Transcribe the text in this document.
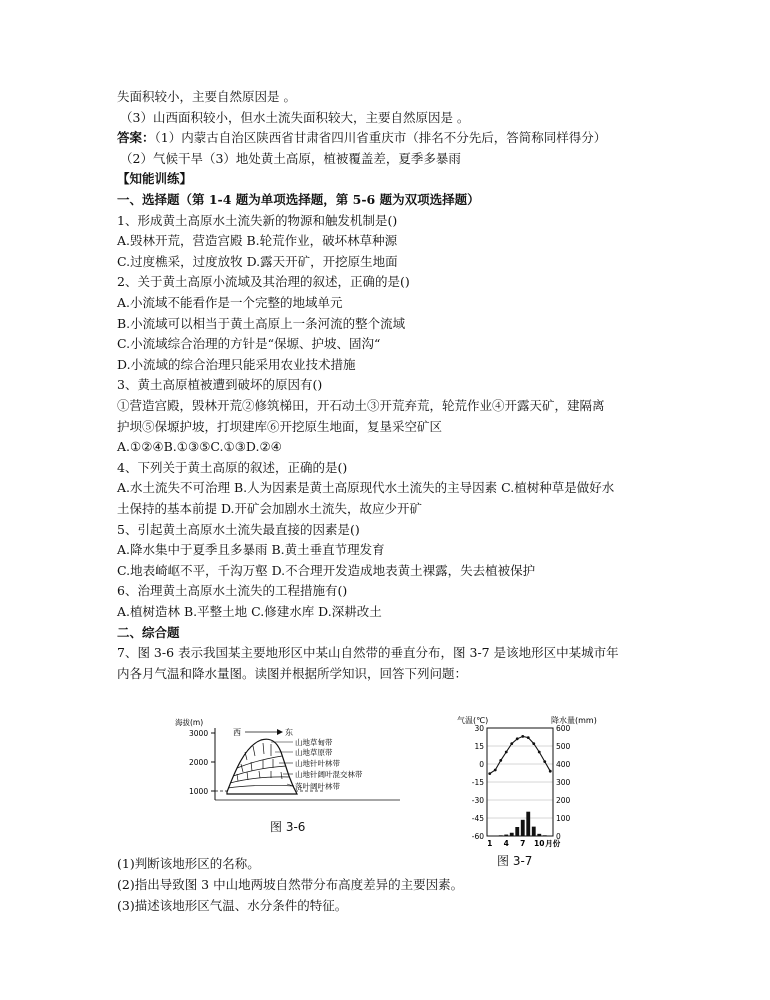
失面积较小，主要自然原因是 。
（3）山西面积较小，但水土流失面积较大，主要自然原因是 。
（2）气候干旱（3）地处黄土高原，植被覆盖差，夏季多暴雨
【知能训练】
一、选择题（第 1-4 题为单项选择题，第 5-6 题为双项选择题）
1、形成黄土高原水土流失新的物源和触发机制是()
A.毁林开荒，营造宫殿 B.轮荒作业，破坏林草种源
C.过度樵采，过度放牧 D.露天开矿，开挖原生地面
2、关于黄土高原小流域及其治理的叙述，正确的是()
A.小流域不能看作是一个完整的地域单元
B.小流域可以相当于黄土高原上一条河流的整个流域
C.小流域综合治理的方针是“保塬、护坡、固沟“
D.小流域的综合治理只能采用农业技术措施
3、黄土高原植被遭到破坏的原因有()
①营造宫殿，毁林开荒②修筑梯田，开石动土③开荒弃荒，轮荒作业④开露天矿，建隔离
护坝⑤保塬护坡，打坝建库⑥开挖原生地面，复垦采空矿区
A.①②④B.①③⑤C.①③D.②④
4、下列关于黄土高原的叙述，正确的是()
A.水土流失不可治理 B.人为因素是黄土高原现代水土流失的主导因素 C.植树种草是做好水
土保持的基本前提 D.开矿会加剧水土流失，故应少开矿
5、引起黄土高原水土流失最直接的因素是()
A.降水集中于夏季且多暴雨 B.黄土垂直节理发育
C.地表崎岖不平，千沟万壑 D.不合理开发造成地表黄土裸露，失去植被保护
6、治理黄土高原水土流失的工程措施有()
A.植树造林 B.平整土地 C.修建水库 D.深耕改土
二、综合题
7、图 3-6 表示我国某主要地形区中某山自然带的垂直分布，图 3-7 是该地形区中某城市年
内各月气温和降水量图。读图并根据所学知识，回答下列问题：
答案：（1）内蒙古自治区陕西省甘肃省四川省重庆市（排名不分先后，答简称同样得分）
海拔(m)
3000
2000
1000
西	东
山地草甸带
山地草原带
山地针叶林带
山地针阔叶混交林带
落叶阔叶林带
图 3-6
气温(℃)	降水量(mm)
30
15
0
-15
-30
-45
-60
600
500
400
300
200
100
0
1 4 7 10 月份
图 3-7
(1)判断该地形区的名称。
(2)指出导致图 3 中山地两坡自然带分布高度差异的主要因素。
(3)描述该地形区气温、水分条件的特征。
